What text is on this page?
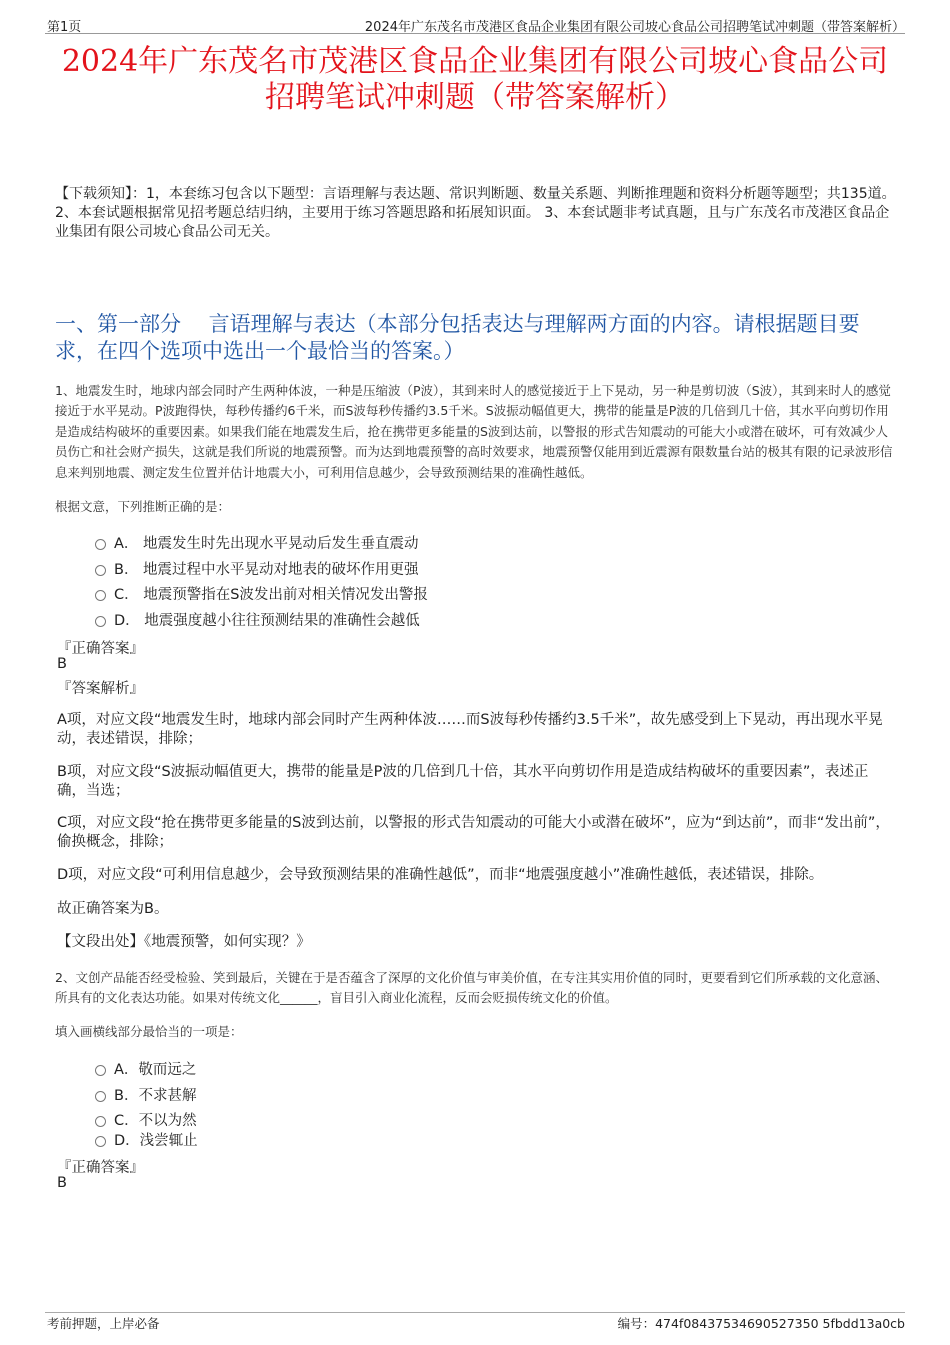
第1页	2024年广东茂名市茂港区食品企业集团有限公司坡心食品公司招聘笔试冲刺题（带答案解析）
2024年广东茂名市茂港区食品企业集团有限公司坡心食品公司
招聘笔试冲刺题（带答案解析）
【下载须知】：1，本套练习包含以下题型：言语理解与表达题、常识判断题、数量关系题、判断推理题和资料分析题等题型；共135道。 2、本套试题根据常见招考题总结归纳，主要用于练习答题思路和拓展知识面。 3、本套试题非考试真题，且与广东茂名市茂港区食品企业集团有限公司坡心食品公司无关。
一、第一部分　 言语理解与表达（本部分包括表达与理解两方面的内容。请根据题目要求，在四个选项中选出一个最恰当的答案。）
1、地震发生时，地球内部会同时产生两种体波，一种是压缩波（P波），其到来时人的感觉接近于上下晃动，另一种是剪切波（S波），其到来时人的感觉接近于水平晃动。P波跑得快，每秒传播约6千米，而S波每秒传播约3.5千米。S波振动幅值更大，携带的能量是P波的几倍到几十倍，其水平向剪切作用是造成结构破坏的重要因素。如果我们能在地震发生后，抢在携带更多能量的S波到达前，以警报的形式告知震动的可能大小或潜在破坏，可有效减少人员伤亡和社会财产损失，这就是我们所说的地震预警。而为达到地震预警的高时效要求，地震预警仅能用到近震源有限数量台站的极其有限的记录波形信息来判别地震、测定发生位置并估计地震大小，可利用信息越少，会导致预测结果的准确性越低。
根据文意，下列推断正确的是：
A． 地震发生时先出现水平晃动后发生垂直震动
B． 地震过程中水平晃动对地表的破坏作用更强
C． 地震预警指在S波发出前对相关情况发出警报
D． 地震强度越小往往预测结果的准确性会越低
『正确答案』
B
『答案解析』
A项，对应文段“地震发生时，地球内部会同时产生两种体波……而S波每秒传播约3.5千米”，故先感受到上下晃动，再出现水平晃动，表述错误，排除；
B项，对应文段“S波振动幅值更大，携带的能量是P波的几倍到几十倍，其水平向剪切作用是造成结构破坏的重要因素”，表述正确，当选；
C项，对应文段“抢在携带更多能量的S波到达前，以警报的形式告知震动的可能大小或潜在破坏”，应为“到达前”，而非“发出前”，偷换概念，排除；
D项，对应文段“可利用信息越少，会导致预测结果的准确性越低”，而非“地震强度越小”准确性越低，表述错误，排除。
故正确答案为B。
【文段出处】《地震预警，如何实现？》
2、文创产品能否经受检验、笑到最后，关键在于是否蕴含了深厚的文化价值与审美价值，在专注其实用价值的同时，更要看到它们所承载的文化意涵、所具有的文化表达功能。如果对传统文化______，盲目引入商业化流程，反而会贬损传统文化的价值。
填入画横线部分最恰当的一项是：
A．敬而远之
B．不求甚解
C．不以为然
D．浅尝辄止
『正确答案』
B
考前押题，上岸必备	编号：474f08437534690527350 5fbdd13a0cb
